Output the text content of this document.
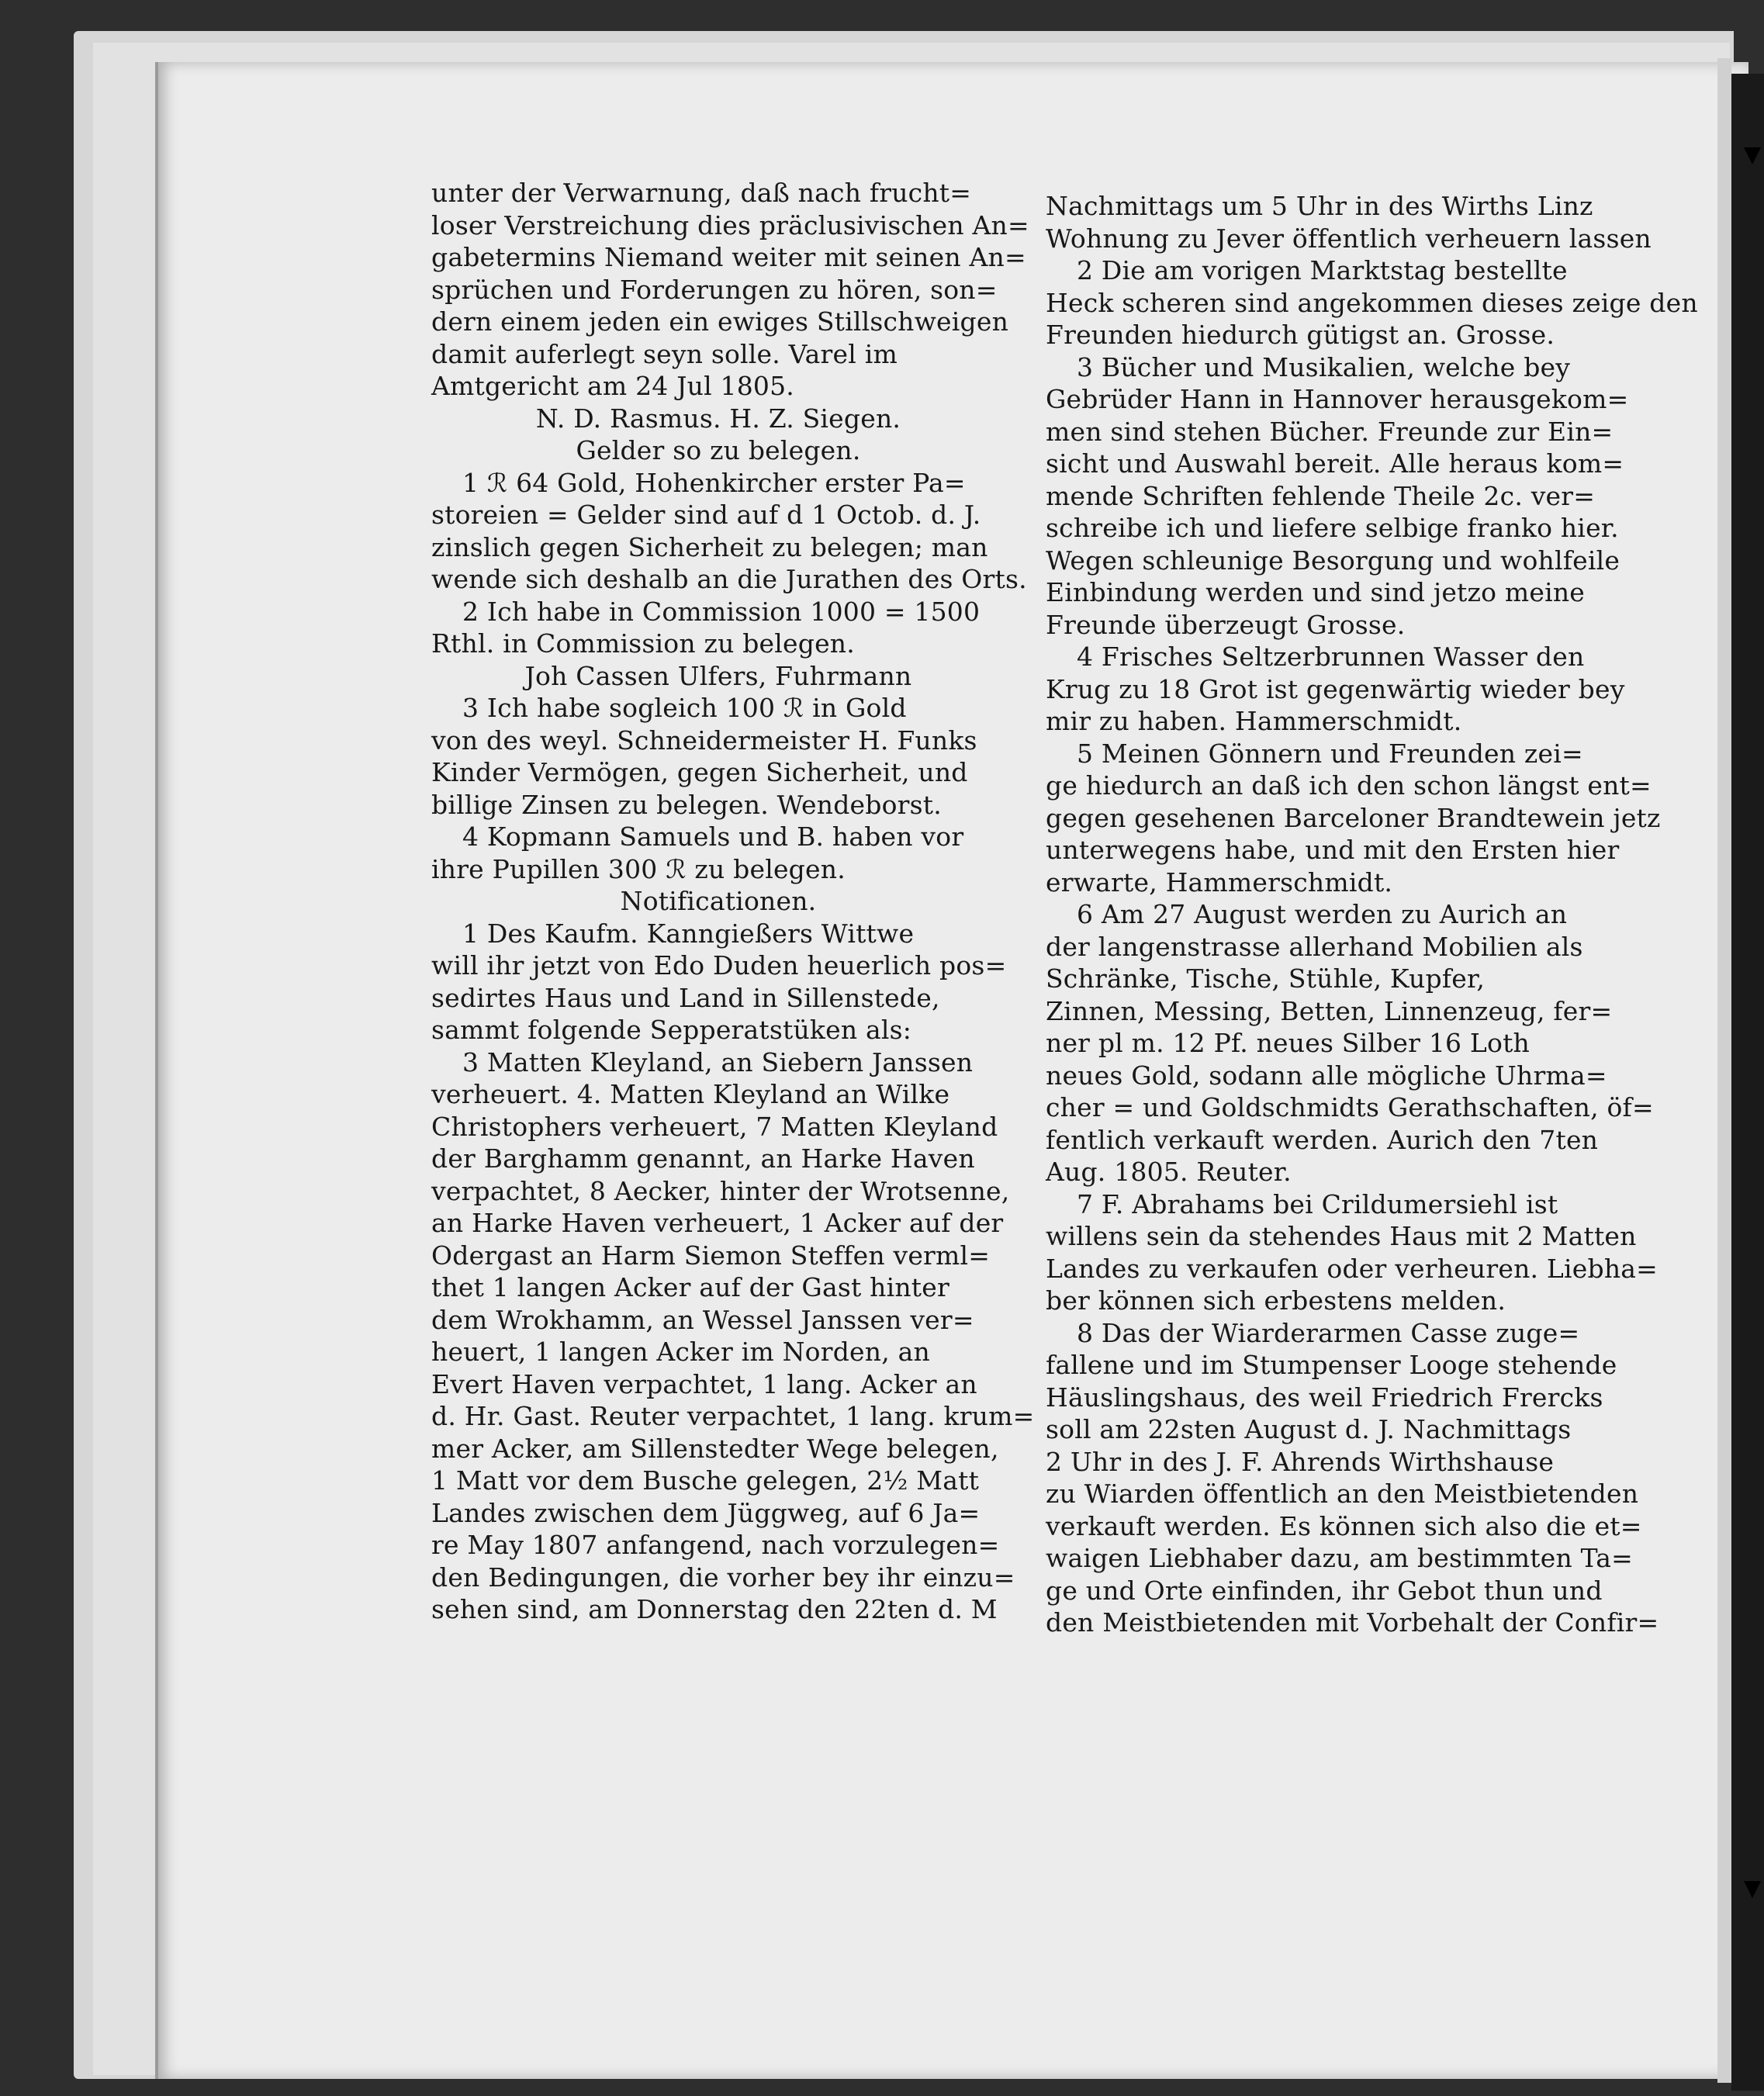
unter der Verwarnung, daß nach frucht=
loser Verstreichung dies präclusivischen An=
gabetermins Niemand weiter mit seinen An=
sprüchen und Forderungen zu hören, son=
dern einem jeden ein ewiges Stillschweigen
damit auferlegt seyn solle. Varel im
Amtgericht am 24 Jul 1805.
N. D. Rasmus. H. Z. Siegen.
Gelder so zu belegen.
1 ℛ 64 Gold, Hohenkircher erster Pa=
storeien = Gelder sind auf d 1 Octob. d. J.
zinslich gegen Sicherheit zu belegen; man
wende sich deshalb an die Jurathen des Orts.
2 Ich habe in Commission 1000 = 1500
Rthl. in Commission zu belegen.
Joh Cassen Ulfers, Fuhrmann
3 Ich habe sogleich 100 ℛ in Gold
von des weyl. Schneidermeister H. Funks
Kinder Vermögen, gegen Sicherheit, und
billige Zinsen zu belegen. Wendeborst.
4 Kopmann Samuels und B. haben vor
ihre Pupillen 300 ℛ zu belegen.
Notificationen.
1 Des Kaufm. Kanngießers Wittwe
will ihr jetzt von Edo Duden heuerlich pos=
sedirtes Haus und Land in Sillenstede,
sammt folgende Sepperatstüken als:
3 Matten Kleyland, an Siebern Janssen
verheuert. 4. Matten Kleyland an Wilke
Christophers verheuert, 7 Matten Kleyland
der Barghamm genannt, an Harke Haven
verpachtet, 8 Aecker, hinter der Wrotsenne,
an Harke Haven verheuert, 1 Acker auf der
Odergast an Harm Siemon Steffen verml=
thet 1 langen Acker auf der Gast hinter
dem Wrokhamm, an Wessel Janssen ver=
heuert, 1 langen Acker im Norden, an
Evert Haven verpachtet, 1 lang. Acker an
d. Hr. Gast. Reuter verpachtet, 1 lang. krum=
mer Acker, am Sillenstedter Wege belegen,
1 Matt vor dem Busche gelegen, 2½ Matt
Landes zwischen dem Jüggweg, auf 6 Ja=
re May 1807 anfangend, nach vorzulegen=
den Bedingungen, die vorher bey ihr einzu=
sehen sind, am Donnerstag den 22ten d. M
Nachmittags um 5 Uhr in des Wirths Linz
Wohnung zu Jever öffentlich verheuern lassen
2 Die am vorigen Marktstag bestellte
Heck scheren sind angekommen dieses zeige den
Freunden hiedurch gütigst an. Grosse.
3 Bücher und Musikalien, welche bey
Gebrüder Hann in Hannover herausgekom=
men sind stehen Bücher. Freunde zur Ein=
sicht und Auswahl bereit. Alle heraus kom=
mende Schriften fehlende Theile 2c. ver=
schreibe ich und liefere selbige franko hier.
Wegen schleunige Besorgung und wohlfeile
Einbindung werden und sind jetzo meine
Freunde überzeugt Grosse.
4 Frisches Seltzerbrunnen Wasser den
Krug zu 18 Grot ist gegenwärtig wieder bey
mir zu haben. Hammerschmidt.
5 Meinen Gönnern und Freunden zei=
ge hiedurch an daß ich den schon längst ent=
gegen gesehenen Barceloner Brandtewein jetz
unterwegens habe, und mit den Ersten hier
erwarte, Hammerschmidt.
6 Am 27 August werden zu Aurich an
der langenstrasse allerhand Mobilien als
Schränke, Tische, Stühle, Kupfer,
Zinnen, Messing, Betten, Linnenzeug, fer=
ner pl m. 12 Pf. neues Silber 16 Loth
neues Gold, sodann alle mögliche Uhrma=
cher = und Goldschmidts Gerathschaften, öf=
fentlich verkauft werden. Aurich den 7ten
Aug. 1805. Reuter.
7 F. Abrahams bei Crildumersiehl ist
willens sein da stehendes Haus mit 2 Matten
Landes zu verkaufen oder verheuren. Liebha=
ber können sich erbestens melden.
8 Das der Wiarderarmen Casse zuge=
fallene und im Stumpenser Looge stehende
Häuslingshaus, des weil Friedrich Frercks
soll am 22sten August d. J. Nachmittags
2 Uhr in des J. F. Ahrends Wirthshause
zu Wiarden öffentlich an den Meistbietenden
verkauft werden. Es können sich also die et=
waigen Liebhaber dazu, am bestimmten Ta=
ge und Orte einfinden, ihr Gebot thun und
den Meistbietenden mit Vorbehalt der Confir=
